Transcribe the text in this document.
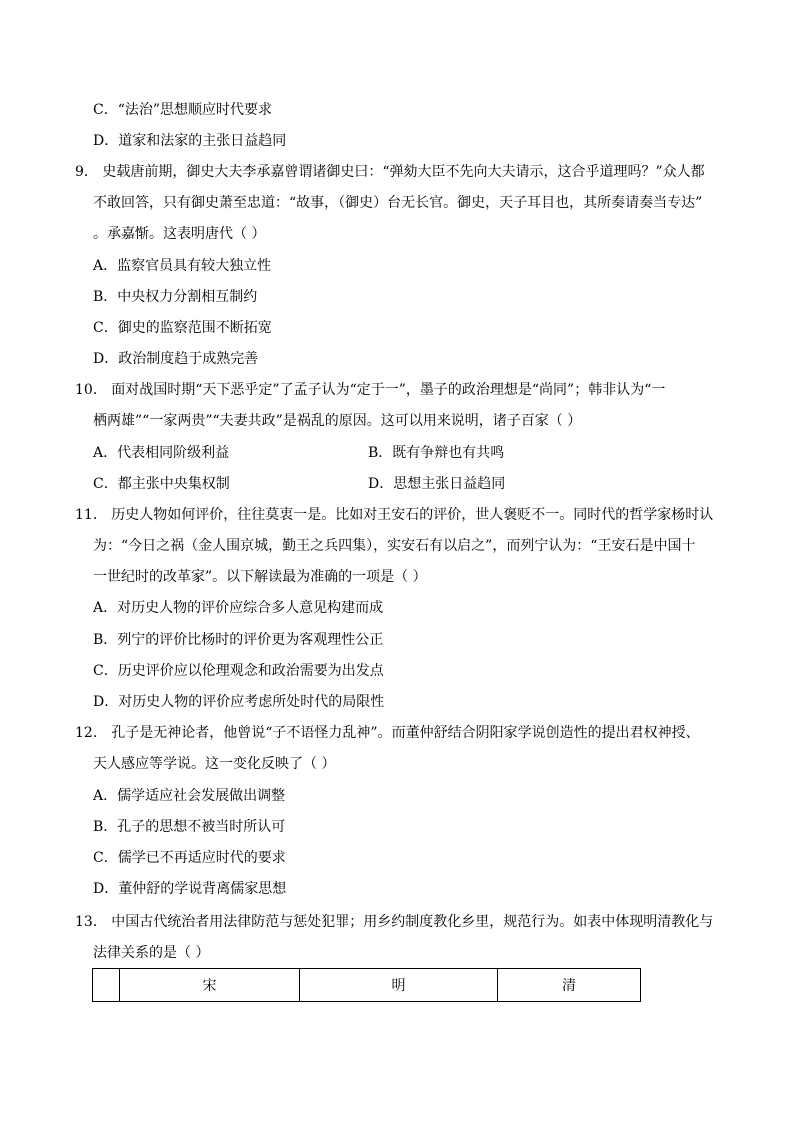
C．“法治”思想顺应时代要求
D．道家和法家的主张日益趋同
9． 史载唐前期，御史大夫李承嘉曾谓诸御史曰：“弹劾大臣不先向大夫请示，这合乎道理吗？”众人都
不敢回答，只有御史萧至忠道：“故事，（御史）台无长官。御史，天子耳目也，其所奏请奏当专达”
。承嘉惭。这表明唐代（ ）
A．监察官员具有较大独立性
B．中央权力分割相互制约
C．御史的监察范围不断拓宽
D．政治制度趋于成熟完善
10． 面对战国时期“天下恶乎定”了孟子认为“定于一”，墨子的政治理想是“尚同”；韩非认为“一
栖两雄”“一家两贵”“夫妻共政”是祸乱的原因。这可以用来说明，诸子百家（ ）
A．代表相同阶级利益	B．既有争辩也有共鸣
C．都主张中央集权制	D．思想主张日益趋同
11． 历史人物如何评价，往往莫衷一是。比如对王安石的评价，世人褒贬不一。同时代的哲学家杨时认
为：“今日之祸（金人围京城，勤王之兵四集），实安石有以启之”，而列宁认为：“王安石是中国十
一世纪时的改革家”。以下解读最为准确的一项是（ ）
A．对历史人物的评价应综合多人意见构建而成
B．列宁的评价比杨时的评价更为客观理性公正
C．历史评价应以伦理观念和政治需要为出发点
D．对历史人物的评价应考虑所处时代的局限性
12． 孔子是无神论者，他曾说“子不语怪力乱神”。而董仲舒结合阴阳家学说创造性的提出君权神授、
天人感应等学说。这一变化反映了（ ）
A．儒学适应社会发展做出调整
B．孔子的思想不被当时所认可
C．儒学已不再适应时代的要求
D．董仲舒的学说背离儒家思想
13． 中国古代统治者用法律防范与惩处犯罪；用乡约制度教化乡里，规范行为。如表中体现明清教化与
法律关系的是（ ）
	宋	明	清
